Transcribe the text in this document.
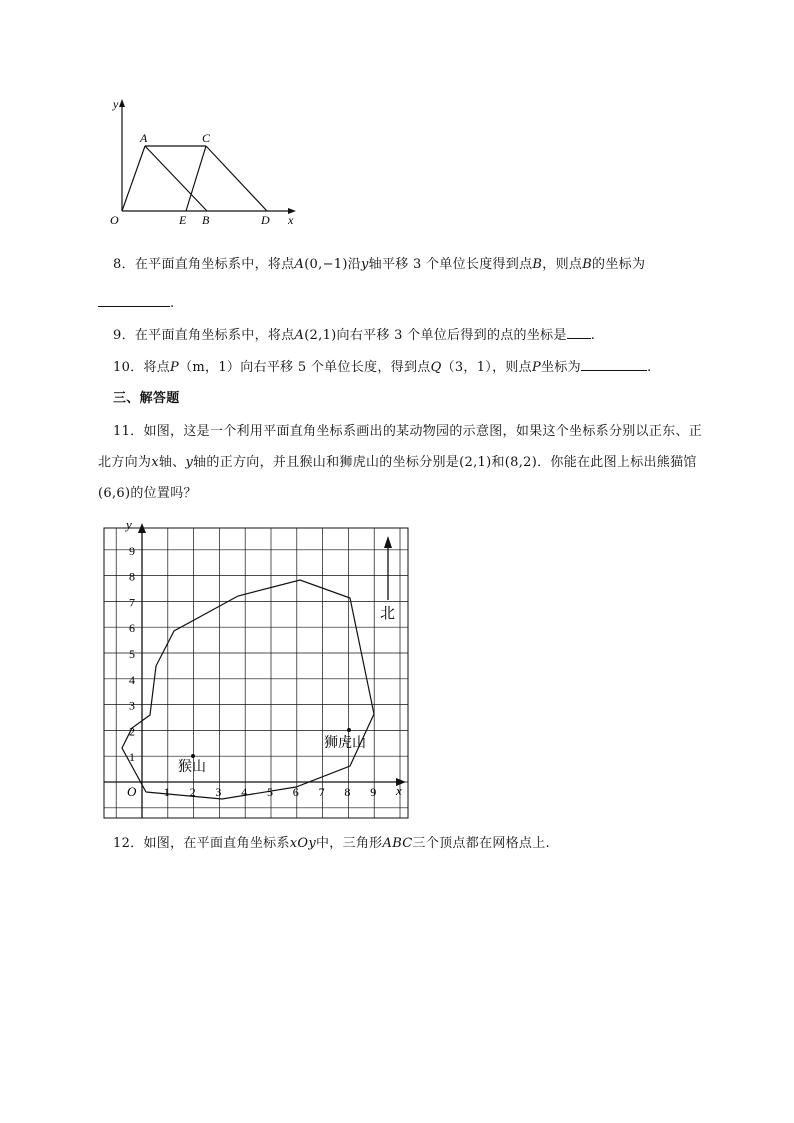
y
A	C
O	E B	D x
8．在平面直角坐标系中，将点A(0,−1)沿y轴平移 3 个单位长度得到点B，则点B的坐标为
.
9．在平面直角坐标系中，将点A(2,1)向右平移 3 个单位后得到的点的坐标是 .
10．将点P（m，1）向右平移 5 个单位长度，得到点Q（3，1），则点P坐标为	.
三、解答题
11．如图，这是一个利用平面直角坐标系画出的某动物园的示意图，如果这个坐标系分别以正东、正
北方向为x轴、y轴的正方向，并且猴山和狮虎山的坐标分别是(2,1)和(8,2)．你能在此图上标出熊猫馆
(6,6)的位置吗？
北
猴山
狮虎山
y
x
O 1 2 3 4 5 6 7 8 9
1
2
3
4
5
6
7
8
9
12．如图，在平面直角坐标系xOy中，三角形ABC三个顶点都在网格点上.
